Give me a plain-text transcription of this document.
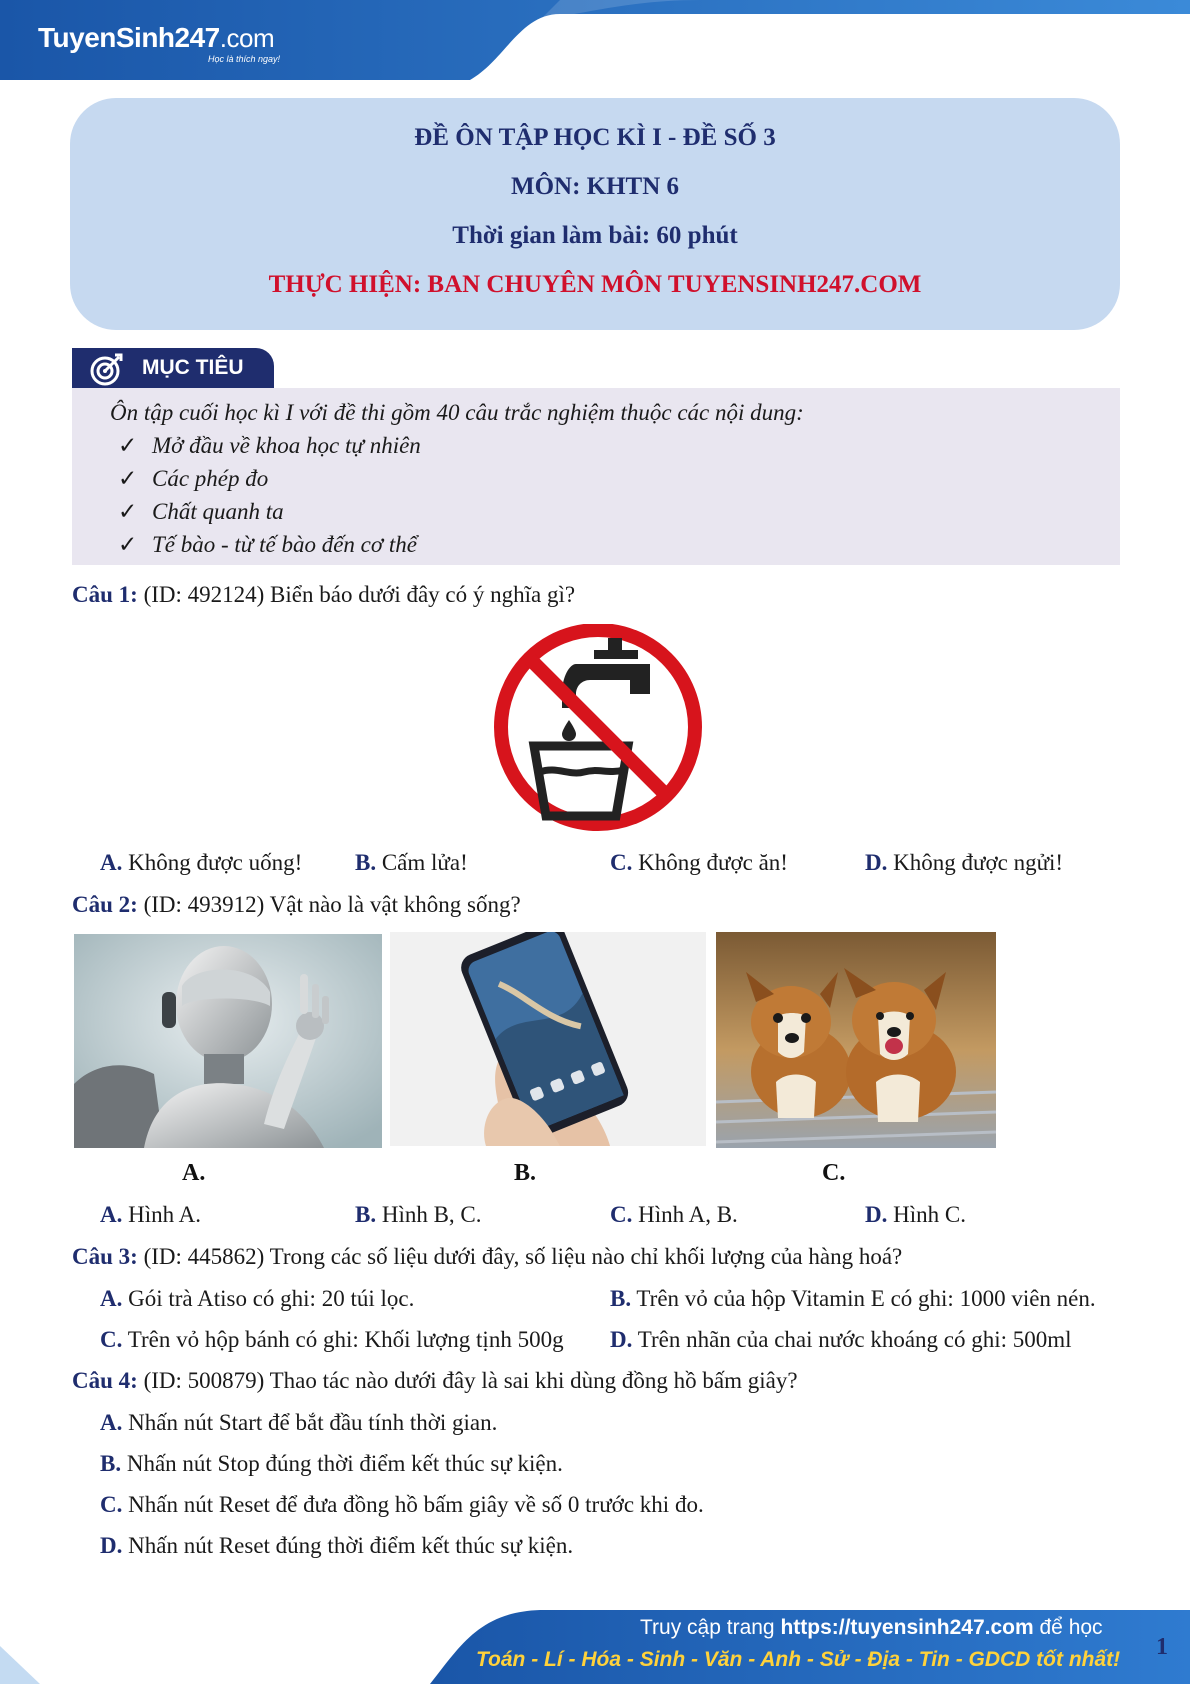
TuyenSinh247.com
Học là thích ngay!
ĐỀ ÔN TẬP HỌC KÌ I - ĐỀ SỐ 3
MÔN: KHTN 6
Thời gian làm bài: 60 phút
THỰC HIỆN: BAN CHUYÊN MÔN TUYENSINH247.COM
MỤC TIÊU
Ôn tập cuối học kì I với đề thi gồm 40 câu trắc nghiệm thuộc các nội dung:
✓ Mở đầu về khoa học tự nhiên
✓ Các phép đo
✓ Chất quanh ta
✓ Tế bào - từ tế bào đến cơ thể
Câu 1: (ID: 492124) Biển báo dưới đây có ý nghĩa gì?
A. Không được uống! B. Cấm lửa!	C. Không được ăn!	D. Không được ngửi!
Câu 2: (ID: 493912) Vật nào là vật không sống?
A.	B.	C.
A. Hình A.	B. Hình B, C.	C. Hình A, B.	D. Hình C.
Câu 3: (ID: 445862) Trong các số liệu dưới đây, số liệu nào chỉ khối lượng của hàng hoá?
A. Gói trà Atiso có ghi: 20 túi lọc.	B. Trên vỏ của hộp Vitamin E có ghi: 1000 viên nén.
C. Trên vỏ hộp bánh có ghi: Khối lượng tịnh 500g D. Trên nhãn của chai nước khoáng có ghi: 500ml
Câu 4: (ID: 500879) Thao tác nào dưới đây là sai khi dùng đồng hồ bấm giây?
A. Nhấn nút Start để bắt đầu tính thời gian.
B. Nhấn nút Stop đúng thời điểm kết thúc sự kiện.
C. Nhấn nút Reset để đưa đồng hồ bấm giây về số 0 trước khi đo.
D. Nhấn nút Reset đúng thời điểm kết thúc sự kiện.
Truy cập trang https://tuyensinh247.com để học
Toán - Lí - Hóa - Sinh - Văn - Anh - Sử - Địa - Tin - GDCD tốt nhất! 1
